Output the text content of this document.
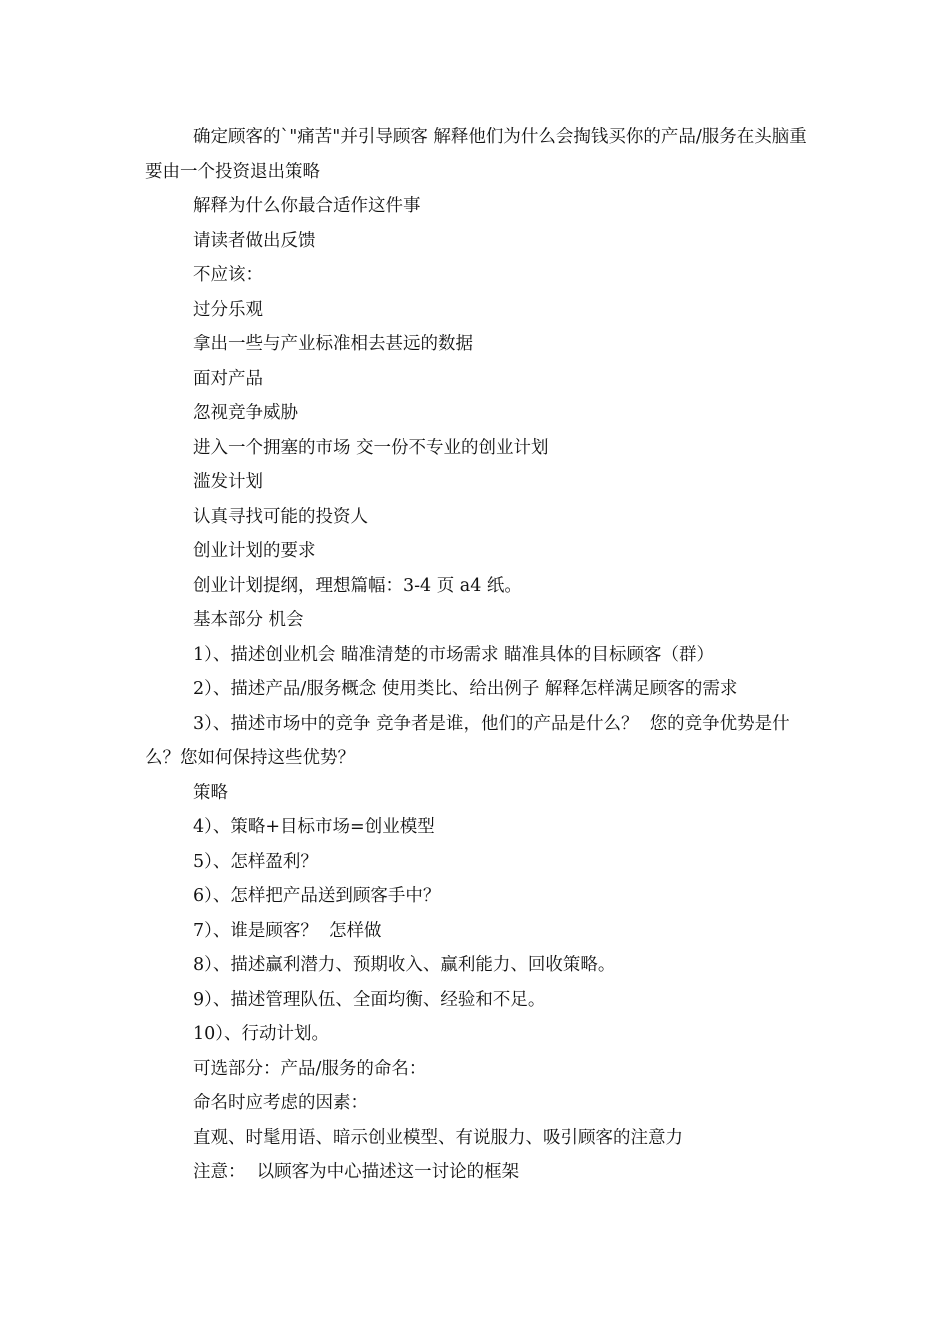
确定顾客的`"痛苦"并引导顾客 解释他们为什么会掏钱买你的产品/服务在头脑重要由一个投资退出策略

解释为什么你最合适作这件事

请读者做出反馈

不应该：

过分乐观

拿出一些与产业标准相去甚远的数据

面对产品

忽视竞争威胁

进入一个拥塞的市场 交一份不专业的创业计划

滥发计划

认真寻找可能的投资人

创业计划的要求

创业计划提纲，理想篇幅：3-4 页 a4 纸。

基本部分 机会

1）、描述创业机会 瞄准清楚的市场需求 瞄准具体的目标顾客（群）

2）、描述产品/服务概念 使用类比、给出例子 解释怎样满足顾客的需求

3）、描述市场中的竞争 竞争者是谁，他们的产品是什么？  您的竞争优势是什么？您如何保持这些优势？

策略

4）、策略+目标市场=创业模型

5）、怎样盈利？

6）、怎样把产品送到顾客手中？

7）、谁是顾客？  怎样做

8）、描述赢利潜力、预期收入、赢利能力、回收策略。

9）、描述管理队伍、全面均衡、经验和不足。

10）、行动计划。

可选部分：产品/服务的命名：

命名时应考虑的因素：

直观、时髦用语、暗示创业模型、有说服力、吸引顾客的注意力

注意：  以顾客为中心描述这一讨论的框架
